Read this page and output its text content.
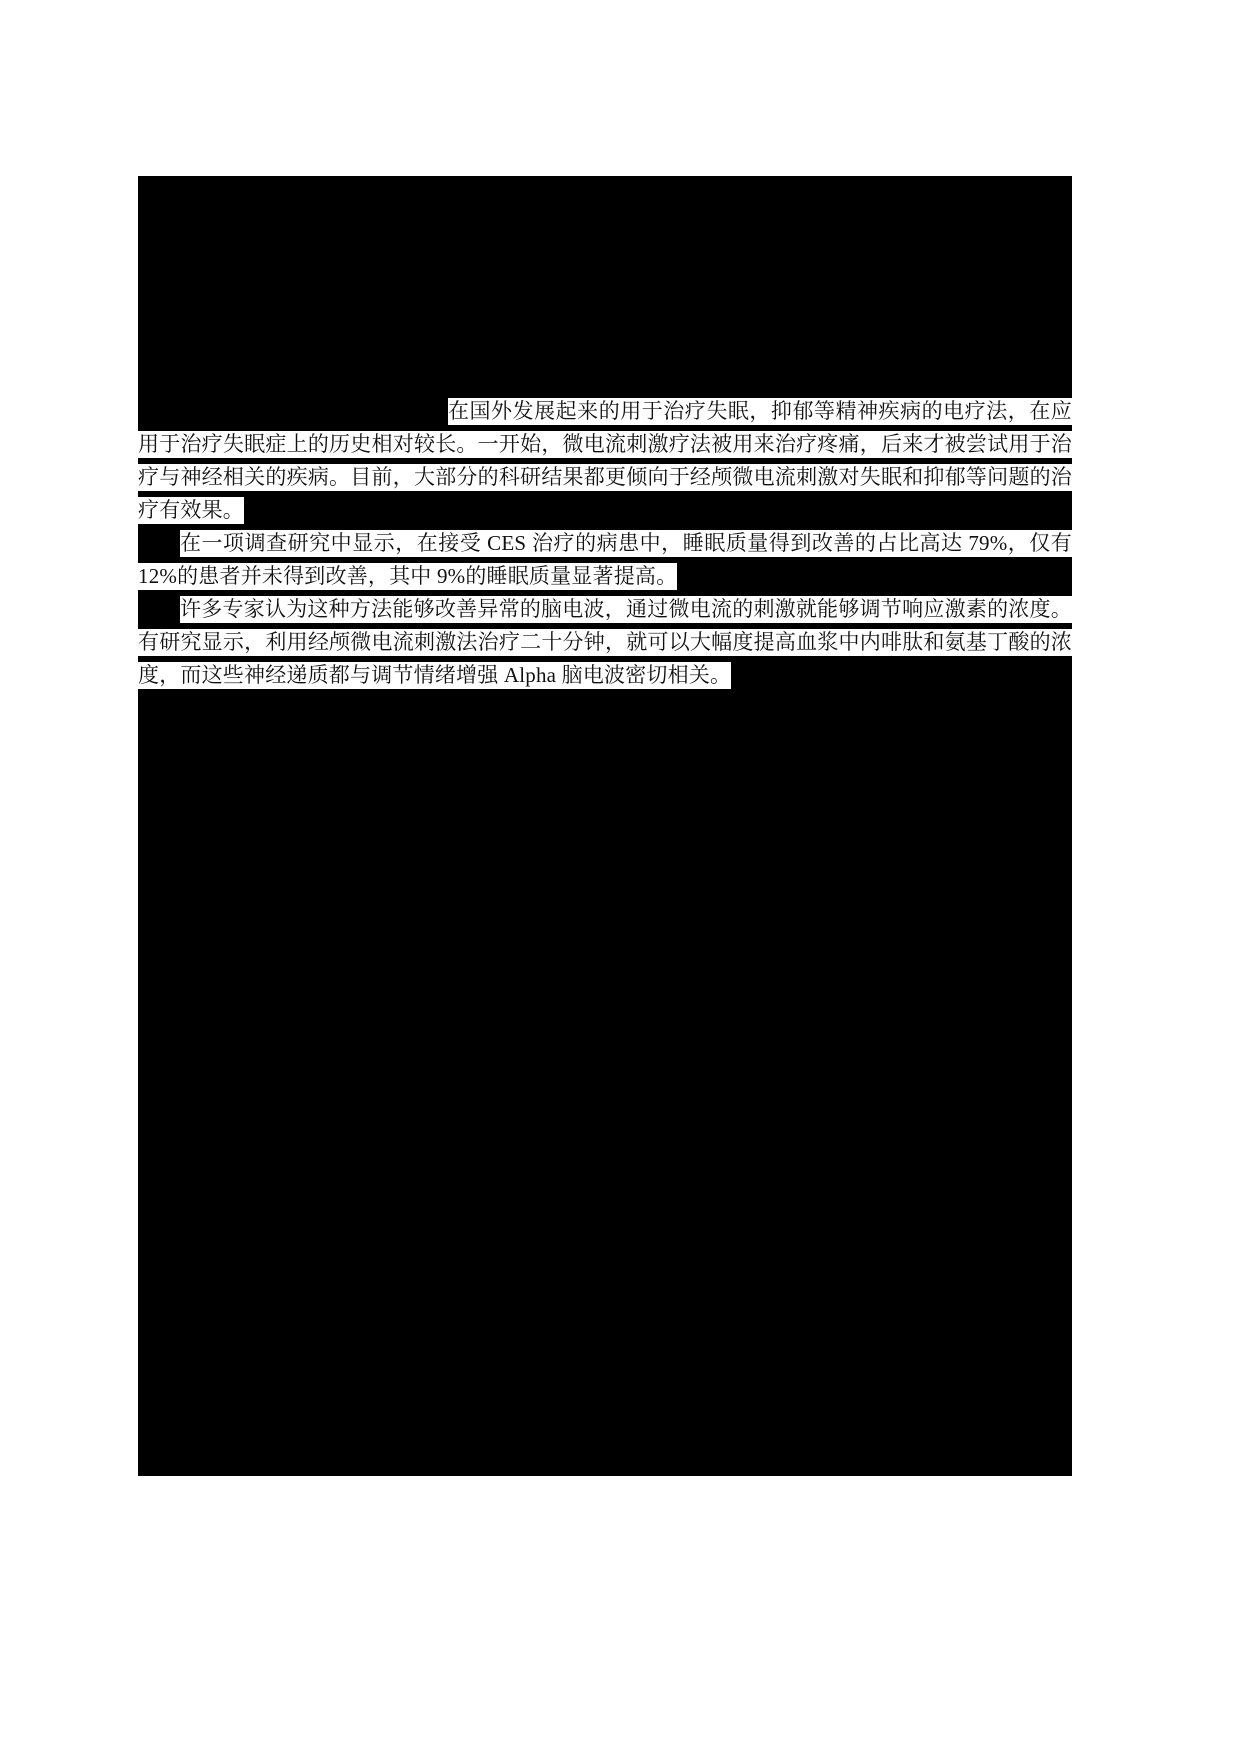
在国外发展起来的用于治疗失眠，抑郁等精神疾病的电疗法，在应用于治疗失眠症上的历史相对较长。一开始，微电流刺激疗法被用来治疗疼痛，后来才被尝试用于治疗与神经相关的疾病。目前，大部分的科研结果都更倾向于经颅微电流刺激对失眠和抑郁等问题的治疗有效果。

在一项调查研究中显示，在接受 CES 治疗的病患中，睡眠质量得到改善的占比高达 79%，仅有 12%的患者并未得到改善，其中 9%的睡眠质量显著提高。

许多专家认为这种方法能够改善异常的脑电波，通过微电流的刺激就能够调节响应激素的浓度。有研究显示，利用经颅微电流刺激法治疗二十分钟，就可以大幅度提高血浆中内啡肽和氨基丁酸的浓度，而这些神经递质都与调节情绪增强 Alpha 脑电波密切相关。
